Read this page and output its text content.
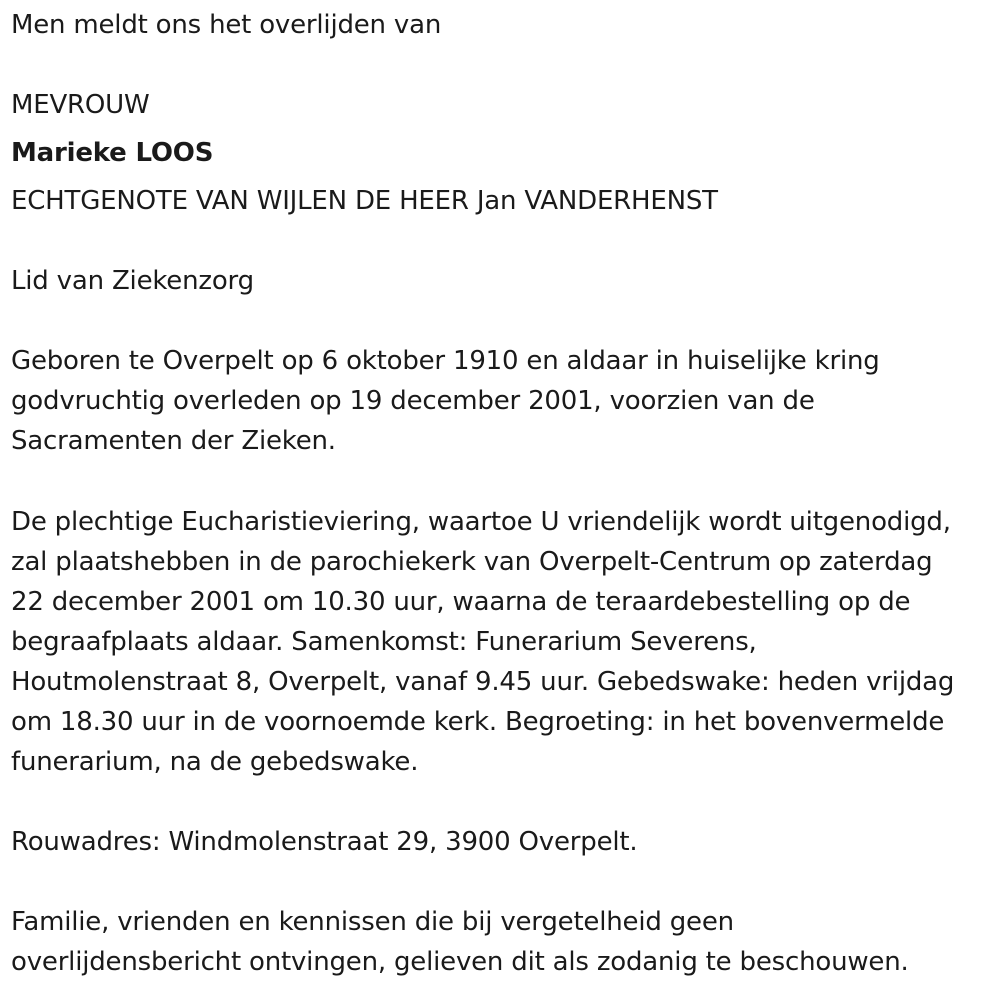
Men meldt ons het overlijden van
MEVROUW
Marieke LOOS
ECHTGENOTE VAN WIJLEN DE HEER Jan VANDERHENST
Lid van Ziekenzorg
Geboren te Overpelt op 6 oktober 1910 en aldaar in huiselijke kring
godvruchtig overleden op 19 december 2001, voorzien van de
Sacramenten der Zieken.
De plechtige Eucharistieviering, waartoe U vriendelijk wordt uitgenodigd,
zal plaatshebben in de parochiekerk van Overpelt-Centrum op zaterdag
22 december 2001 om 10.30 uur, waarna de teraardebestelling op de
begraafplaats aldaar. Samenkomst: Funerarium Severens,
Houtmolenstraat 8, Overpelt, vanaf 9.45 uur. Gebedswake: heden vrijdag
om 18.30 uur in de voornoemde kerk. Begroeting: in het bovenvermelde
funerarium, na de gebedswake.
Rouwadres: Windmolenstraat 29, 3900 Overpelt.
Familie, vrienden en kennissen die bij vergetelheid geen
overlijdensbericht ontvingen, gelieven dit als zodanig te beschouwen.
